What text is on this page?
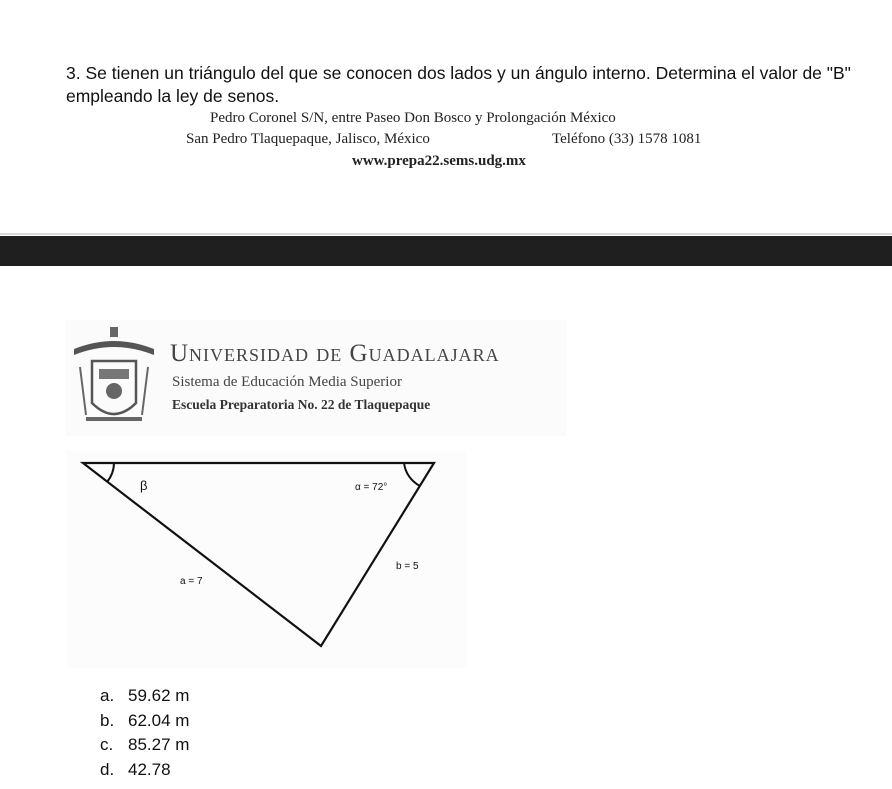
3. Se tienen un triángulo del que se conocen dos lados y un ángulo interno. Determina el valor de "B" empleando la ley de senos.
Pedro Coronel S/N, entre Paseo Don Bosco y Prolongación México
San Pedro Tlaquepaque, Jalisco, México	Teléfono (33) 1578 1081
www.prepa22.sems.udg.mx
Universidad de Guadalajara
Sistema de Educación Media Superior
Escuela Preparatoria No. 22 de Tlaquepaque
β	α = 72°
a = 7
b = 5
a. 59.62 m
b. 62.04 m
c. 85.27 m
d. 42.78
